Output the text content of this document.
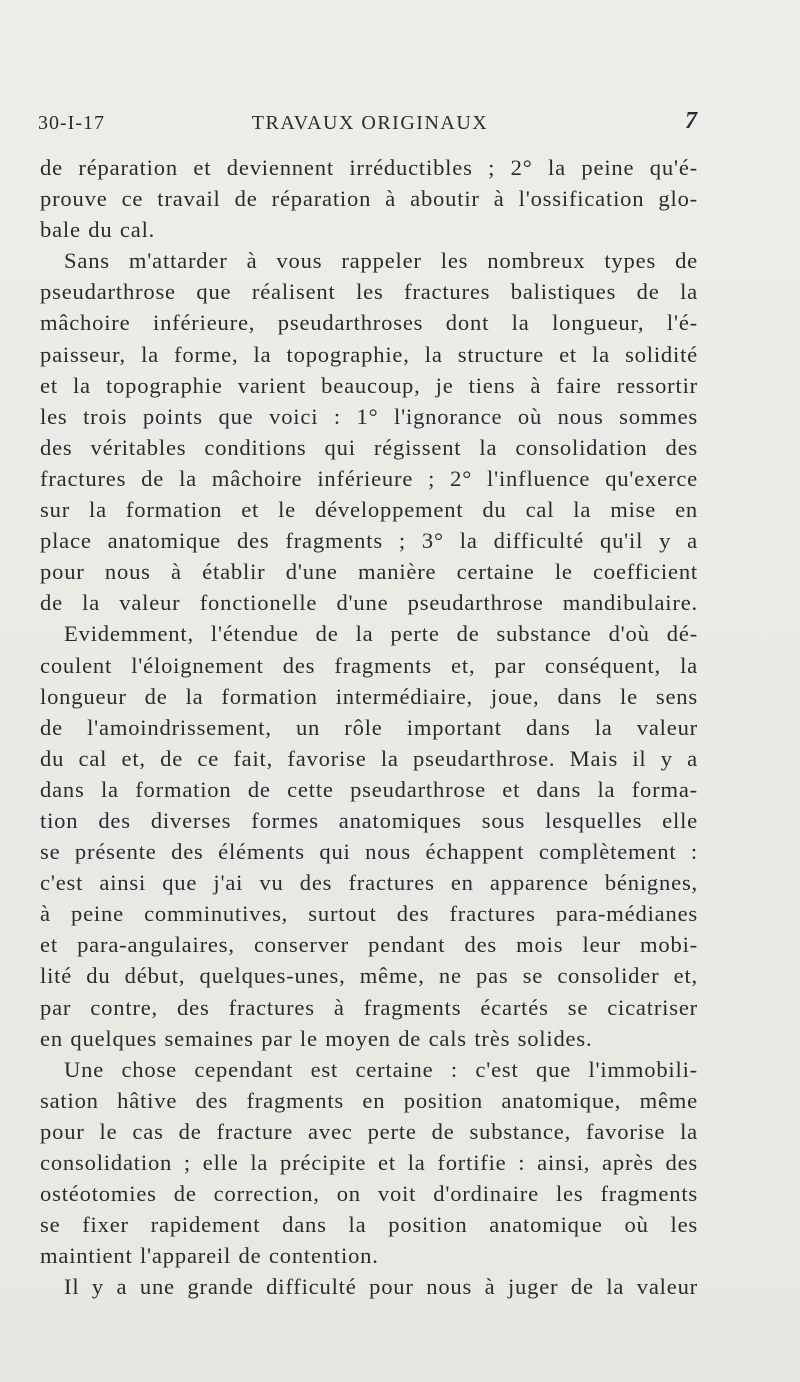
30-I-17	TRAVAUX ORIGINAUX	7
de réparation et deviennent irréductibles ; 2° la peine qu'é-
prouve ce travail de réparation à aboutir à l'ossification glo-
bale du cal.
Sans m'attarder à vous rappeler les nombreux types de
pseudarthrose que réalisent les fractures balistiques de la
mâchoire inférieure, pseudarthroses dont la longueur, l'é-
paisseur, la forme, la topographie, la structure et la solidité
et la topographie varient beaucoup, je tiens à faire ressortir
les trois points que voici : 1° l'ignorance où nous sommes
des véritables conditions qui régissent la consolidation des
fractures de la mâchoire inférieure ; 2° l'influence qu'exerce
sur la formation et le développement du cal la mise en
place anatomique des fragments ; 3° la difficulté qu'il y a
pour nous à établir d'une manière certaine le coefficient
de la valeur fonctionelle d'une pseudarthrose mandibulaire.
Evidemment, l'étendue de la perte de substance d'où dé-
coulent l'éloignement des fragments et, par conséquent, la
longueur de la formation intermédiaire, joue, dans le sens
de l'amoindrissement, un rôle important dans la valeur
du cal et, de ce fait, favorise la pseudarthrose. Mais il y a
dans la formation de cette pseudarthrose et dans la forma-
tion des diverses formes anatomiques sous lesquelles elle
se présente des éléments qui nous échappent complètement :
c'est ainsi que j'ai vu des fractures en apparence bénignes,
à peine comminutives, surtout des fractures para-médianes
et para-angulaires, conserver pendant des mois leur mobi-
lité du début, quelques-unes, même, ne pas se consolider et,
par contre, des fractures à fragments écartés se cicatriser
en quelques semaines par le moyen de cals très solides.
Une chose cependant est certaine : c'est que l'immobili-
sation hâtive des fragments en position anatomique, même
pour le cas de fracture avec perte de substance, favorise la
consolidation ; elle la précipite et la fortifie : ainsi, après des
ostéotomies de correction, on voit d'ordinaire les fragments
se fixer rapidement dans la position anatomique où les
maintient l'appareil de contention.
Il y a une grande difficulté pour nous à juger de la valeur
